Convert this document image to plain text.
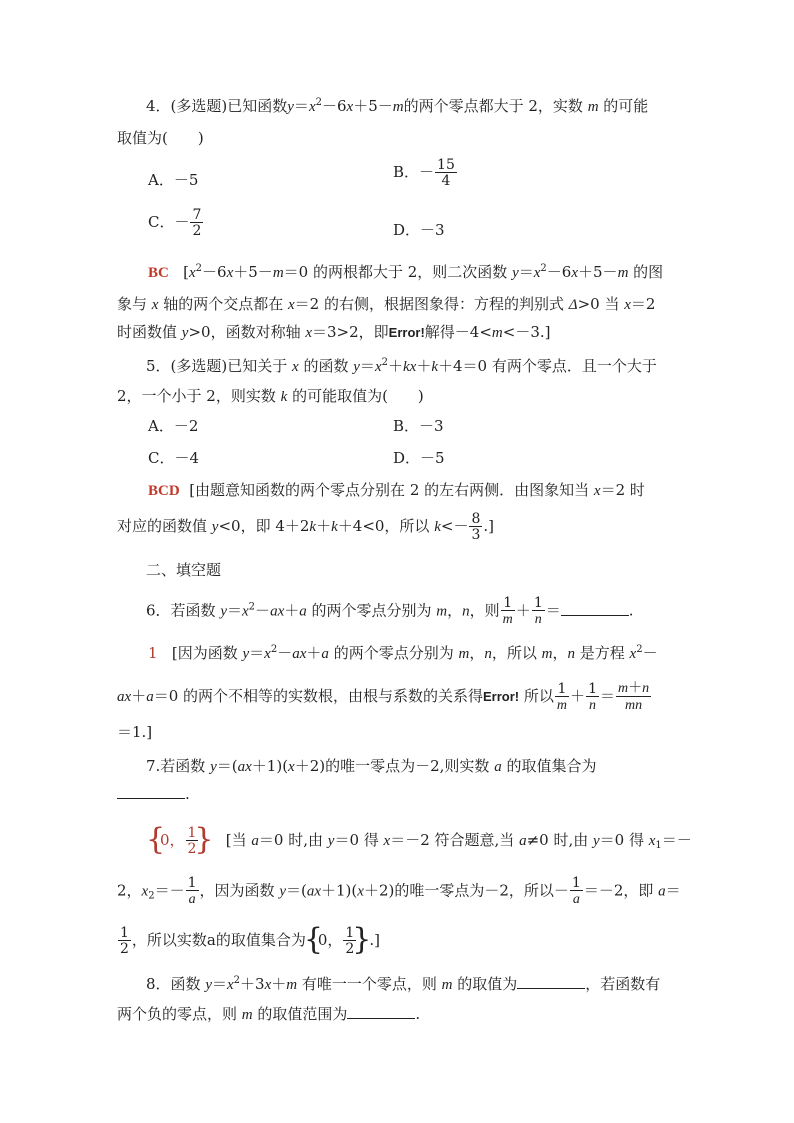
4．(多选题)已知函数$y=x^2-6x+5-m$的两个零点都大于 2，实数 m 的可能
取值为(　　)
A．－5	B．－ $\frac{15}{4}$
C．－ $\frac{7}{2}$	D．－3
BC   [$x^2-6x+5-m=0$ 的两根都大于 2，则二次函数 $y=x^2-6x+5-m$ 的图
象与 x 轴的两个交点都在 x＝2 的右侧，根据图象得：方程的判别式 Δ>0 当 x＝2
时函数值 y>0，函数对称轴 x＝3>2，即Error!解得－4<m<－3.]
5．(多选题)已知关于 x 的函数 $y=x^2+kx+k+4=0$ 有两个零点．且一个大于
2，一个小于 2，则实数 k 的可能取值为(　　)
A．－2	B．－3
C．－4	D．－5
BCD  [由题意知函数的两个零点分别在 2 的左右两侧．由图象知当 x＝2 时
对应的函数值 y<0，即 4＋2k＋k＋4<0，所以 $k<- \frac{8}{3}$ .]
二、填空题
6．若函数 $y=x^2-ax+a$ 的两个零点分别为 m，n，则 $\frac{1}{m} + \frac{1}{n}$ ＝	.
1   [因为函数 $y=x^2-ax+a$ 的两个零点分别为 m，n，所以 m，n 是方程 $x^2-$
ax＋a＝0 的两个不相等的实数根，由根与系数的关系得Error! 所以 $\frac{1}{m} + \frac{1}{n} = \frac{m+n}{mn}$
＝1.]
7.若函数 y＝(ax＋1)(x＋2)的唯一零点为－2,则实数 a 的取值集合为
.
{
0， $\frac{1}{2}$
}
[当 a＝0 时,由 y＝0 得 x＝－2 符合题意,当 a≠0 时,由 y＝0 得 $x_1=-$
2，$x_2=- \frac{1}{a}$ ，因为函数 y＝(ax＋1)(x＋2)的唯一零点为－2，所以－ $\frac{1}{a} =-2$，即 a＝
$\frac{1}{2}$ ，所以实数a的取值集合为
{
0， $\frac{1}{2}$
}
.]
8．函数 $y=x^2+3x+m$ 有唯一一个零点，则 m 的取值为	，若函数有
两个负的零点，则 m 的取值范围为	.
